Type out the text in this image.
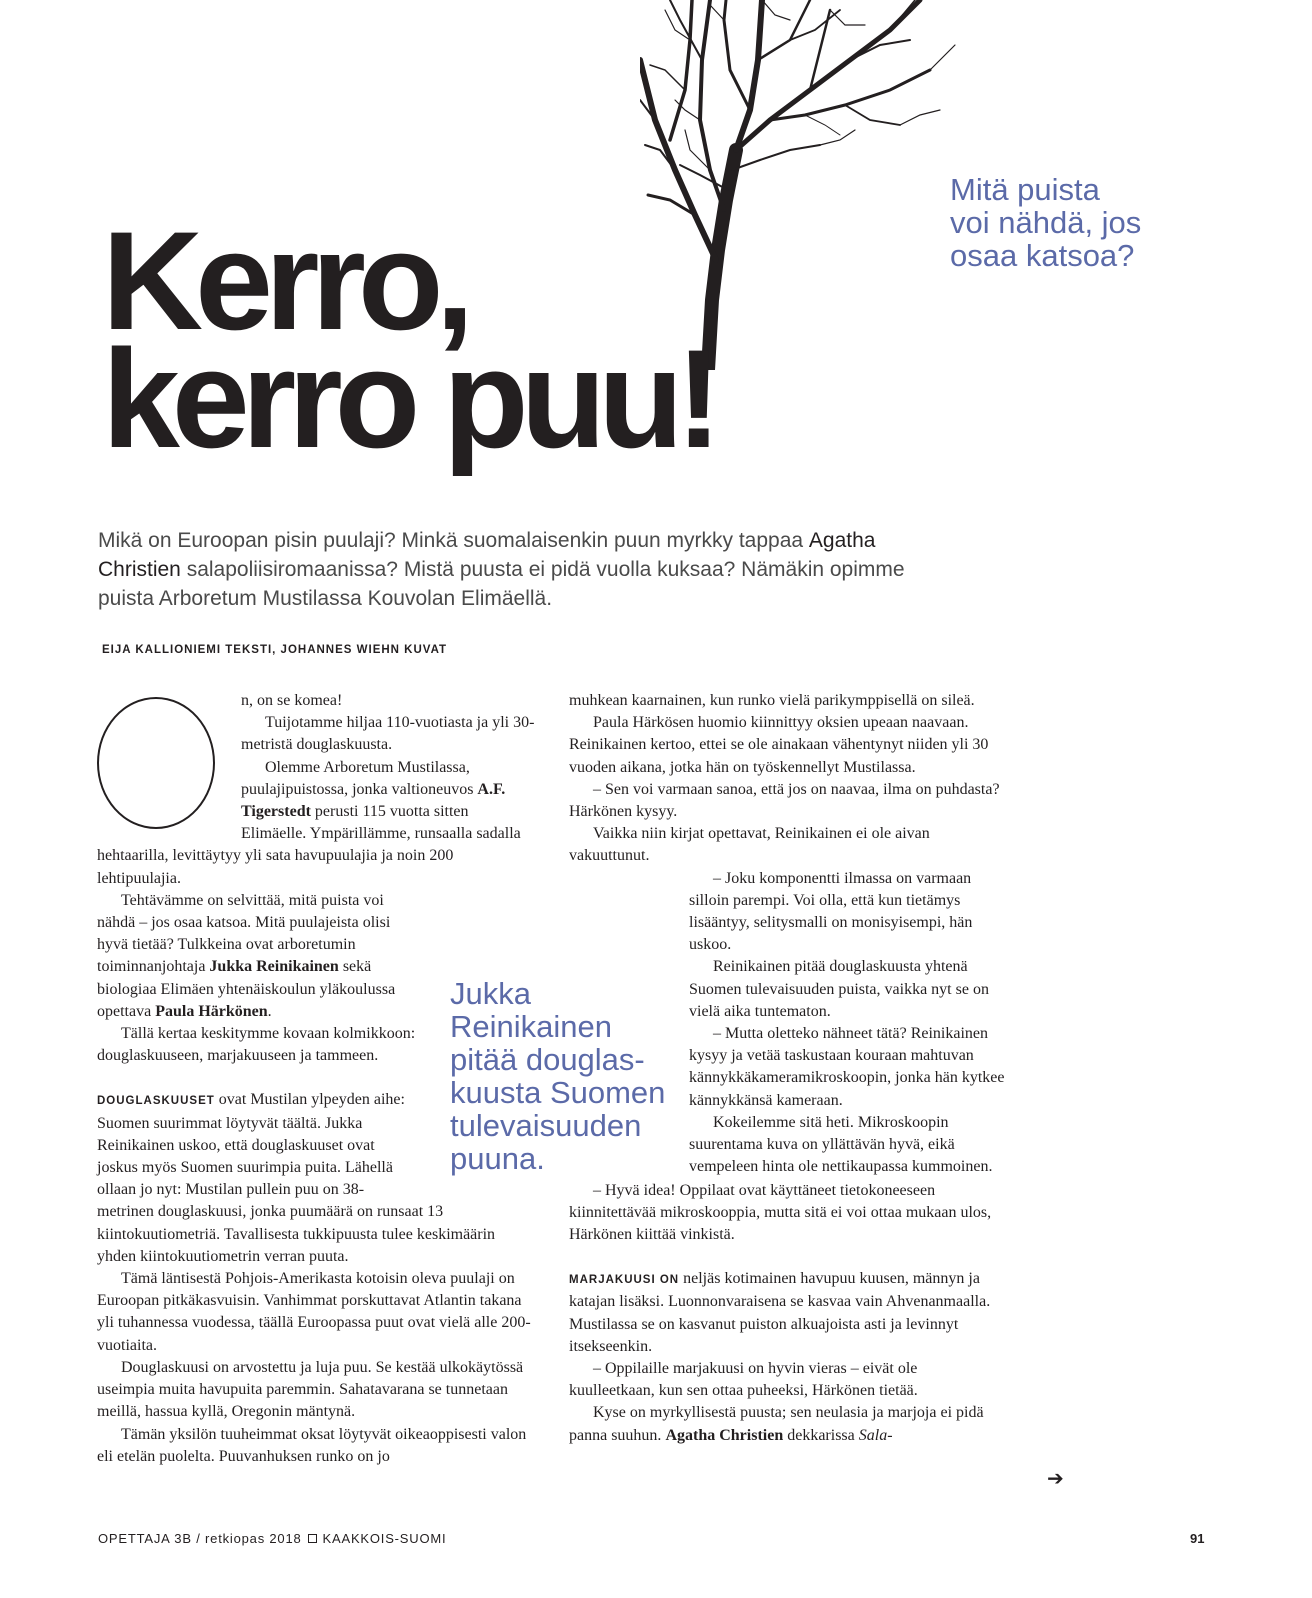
Kerro,
kerro puu!

Mitä puista
voi nähdä, jos
osaa katsoa?

Mikä on Euroopan pisin puulaji? Minkä suomalaisenkin puun myrkky tappaa Agatha Christien salapoliisiromaanissa? Mistä puusta ei pidä vuolla kuksaa? Nämäkin opimme puista Arboretum Mustilassa Kouvolan Elimäellä.

EIJA KALLIONIEMI TEKSTI, JOHANNES WIEHN KUVAT

n, on se komea!

Tuijotamme hiljaa 110-vuotiasta ja yli 30-metristä douglaskuusta.

Olemme Arboretum Mustilassa, puulajipuistossa, jonka valtioneuvos A.F. Tigerstedt perusti 115 vuotta sitten Elimäelle. Ympärillämme, runsaalla sadalla hehtaarilla, levittäytyy yli sata havupuulajia ja noin 200 lehtipuulajia.

Tehtävämme on selvittää, mitä puista voi nähdä – jos osaa katsoa. Mitä puulajeista olisi hyvä tietää? Tulkkeina ovat arboretumin toiminnanjohtaja Jukka Reinikainen sekä biologiaa Elimäen yhtenäiskoulun yläkoulussa opettava Paula Härkönen.

Tällä kertaa keskitymme kovaan kolmikkoon: douglaskuuseen, marjakuuseen ja tammeen.

DOUGLASKUUSET ovat Mustilan ylpeyden aihe: Suomen suurimmat löytyvät täältä. Jukka Reinikainen uskoo, että douglaskuuset ovat joskus myös Suomen suurimpia puita. Lähellä ollaan jo nyt: Mustilan pullein puu on 38-metrinen douglaskuusi, jonka puumäärä on runsaat 13 kiintokuutiometriä. Tavallisesta tukkipuusta tulee keskimäärin yhden kiintokuutiometrin verran puuta.

Tämä läntisestä Pohjois-Amerikasta kotoisin oleva puulaji on Euroopan pitkäkasvuisin. Vanhimmat porskuttavat Atlantin takana yli tuhannessa vuodessa, täällä Euroopassa puut ovat vielä alle 200-vuotiaita.

Douglaskuusi on arvostettu ja luja puu. Se kestää ulkokäytössä useimpia muita havupuita paremmin. Sahatavarana se tunnetaan meillä, hassua kyllä, Oregonin mäntynä.

Tämän yksilön tuuheimmat oksat löytyvät oikeaoppisesti valon eli etelän puolelta. Puuvanhuksen runko on jo

Jukka
Reinikainen
pitää douglas-
kuusta Suomen
tulevaisuuden
puuna.

muhkean kaarnainen, kun runko vielä parikymppisellä on sileä.

Paula Härkösen huomio kiinnittyy oksien upeaan naavaan. Reinikainen kertoo, ettei se ole ainakaan vähentynyt niiden yli 30 vuoden aikana, jotka hän on työskennellyt Mustilassa.

– Sen voi varmaan sanoa, että jos on naavaa, ilma on puhdasta? Härkönen kysyy.

Vaikka niin kirjat opettavat, Reinikainen ei ole aivan vakuuttunut.

– Joku komponentti ilmassa on varmaan silloin parempi. Voi olla, että kun tietämys lisääntyy, selitysmalli on monisyisempi, hän uskoo.

Reinikainen pitää douglaskuusta yhtenä Suomen tulevaisuuden puista, vaikka nyt se on vielä aika tuntematon.

– Mutta oletteko nähneet tätä? Reinikainen kysyy ja vetää taskustaan kouraan mahtuvan kännykkäkameramikroskoopin, jonka hän kytkee kännykkänsä kameraan.

Kokeilemme sitä heti. Mikroskoopin suurentama kuva on yllättävän hyvä, eikä vempeleen hinta ole nettikaupassa kummoinen.

– Hyvä idea! Oppilaat ovat käyttäneet tietokoneeseen kiinnitettävää mikroskooppia, mutta sitä ei voi ottaa mukaan ulos, Härkönen kiittää vinkistä.

MARJAKUUSI ON neljäs kotimainen havupuu kuusen, männyn ja katajan lisäksi. Luonnonvaraisena se kasvaa vain Ahvenanmaalla. Mustilassa se on kasvanut puiston alkuajoista asti ja levinnyt itsekseenkin.

– Oppilaille marjakuusi on hyvin vieras – eivät ole kuulleetkaan, kun sen ottaa puheeksi, Härkönen tietää.

Kyse on myrkyllisestä puusta; sen neulasia ja marjoja ei pidä panna suuhun. Agatha Christien dekkarissa Sala-

➔
OPETTAJA 3B / retkiopas 2018 KAAKKOIS-SUOMI	91
